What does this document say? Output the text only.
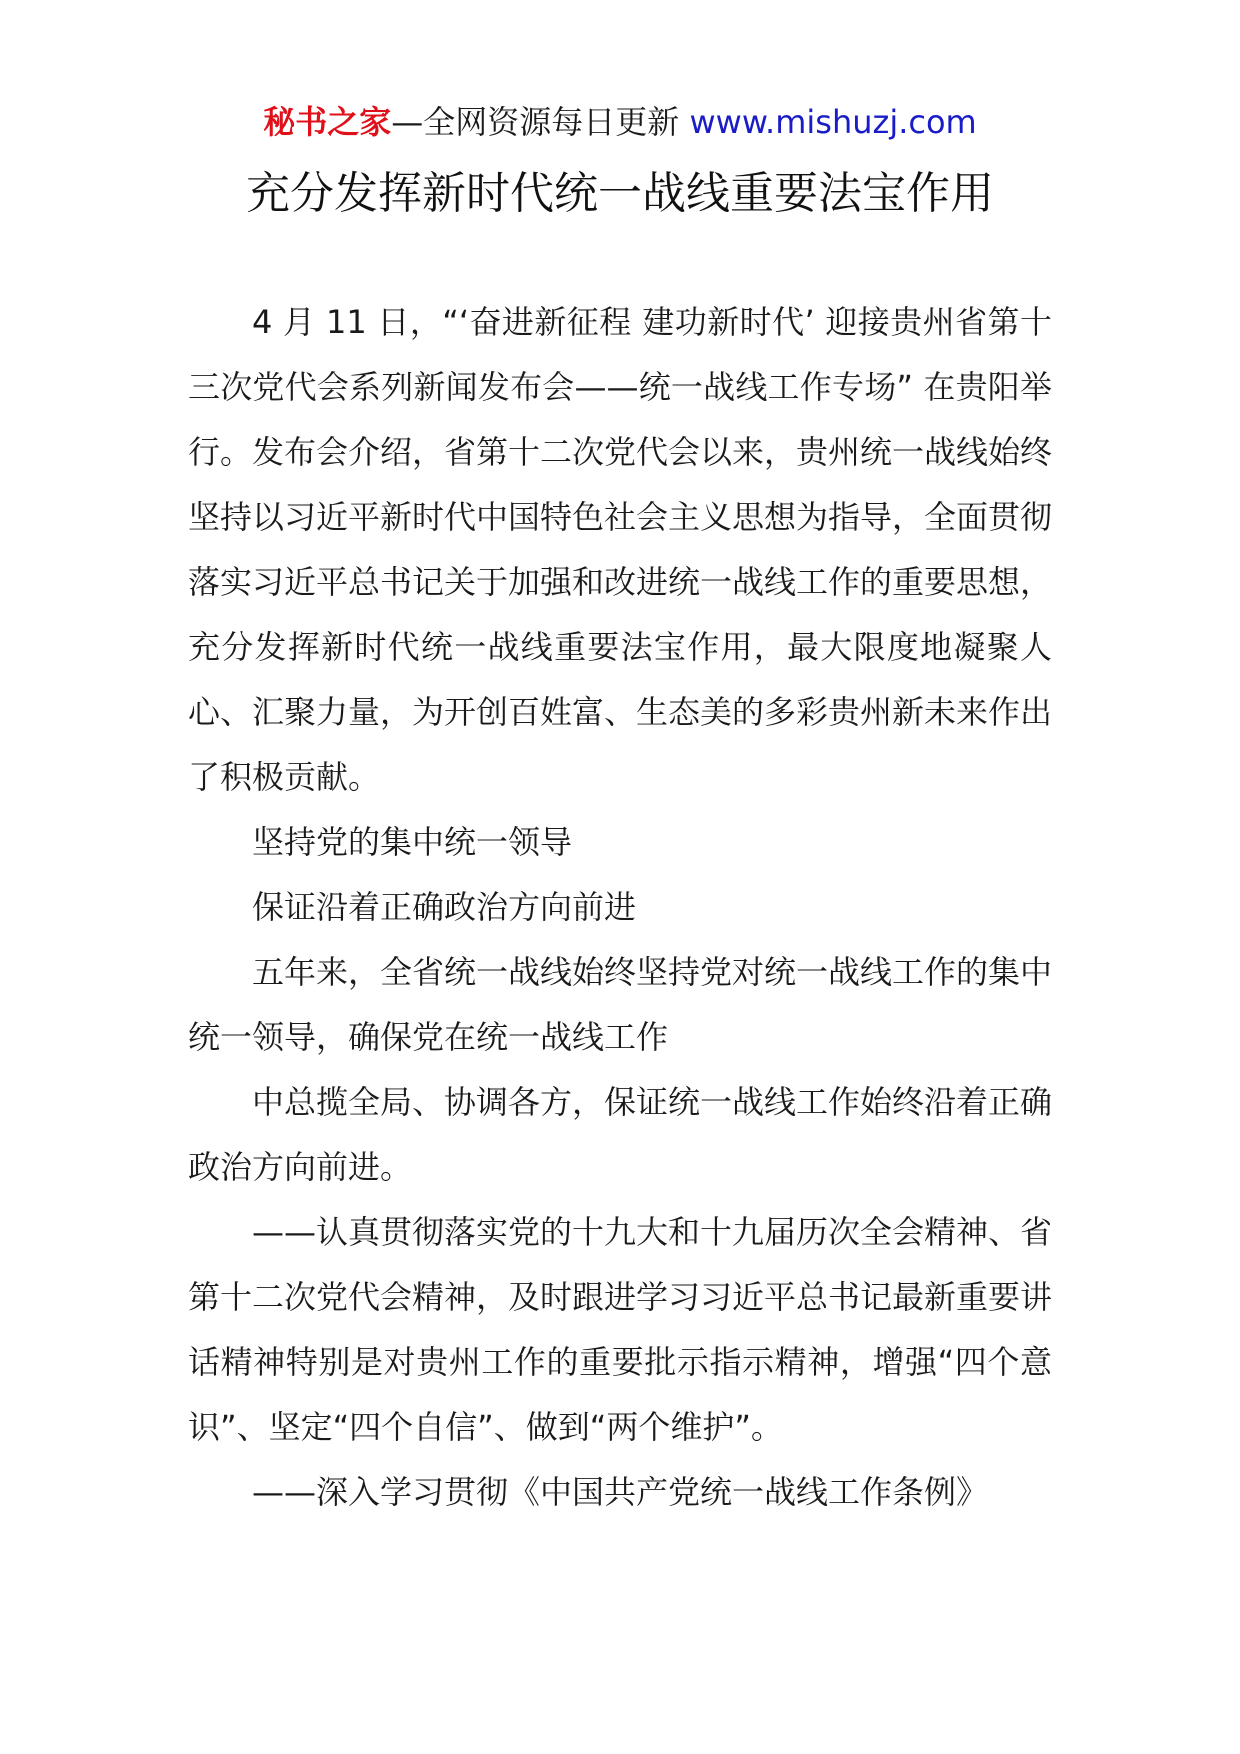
秘书之家—全网资源每日更新 www.mishuzj.com
充分发挥新时代统一战线重要法宝作用

4 月 11 日，“‘奋进新征程 建功新时代’ 迎接贵州省第十三次党代会系列新闻发布会——统一战线工作专场” 在贵阳举行。发布会介绍，省第十二次党代会以来，贵州统一战线始终坚持以习近平新时代中国特色社会主义思想为指导，全面贯彻落实习近平总书记关于加强和改进统一战线工作的重要思想，充分发挥新时代统一战线重要法宝作用，最大限度地凝聚人心、汇聚力量，为开创百姓富、生态美的多彩贵州新未来作出了积极贡献。

坚持党的集中统一领导

保证沿着正确政治方向前进

五年来，全省统一战线始终坚持党对统一战线工作的集中统一领导，确保党在统一战线工作

中总揽全局、协调各方，保证统一战线工作始终沿着正确政治方向前进。

——认真贯彻落实党的十九大和十九届历次全会精神、省第十二次党代会精神，及时跟进学习习近平总书记最新重要讲话精神特别是对贵州工作的重要批示指示精神，增强“四个意识”、坚定“四个自信”、做到“两个维护”。

——深入学习贯彻《中国共产党统一战线工作条例》
